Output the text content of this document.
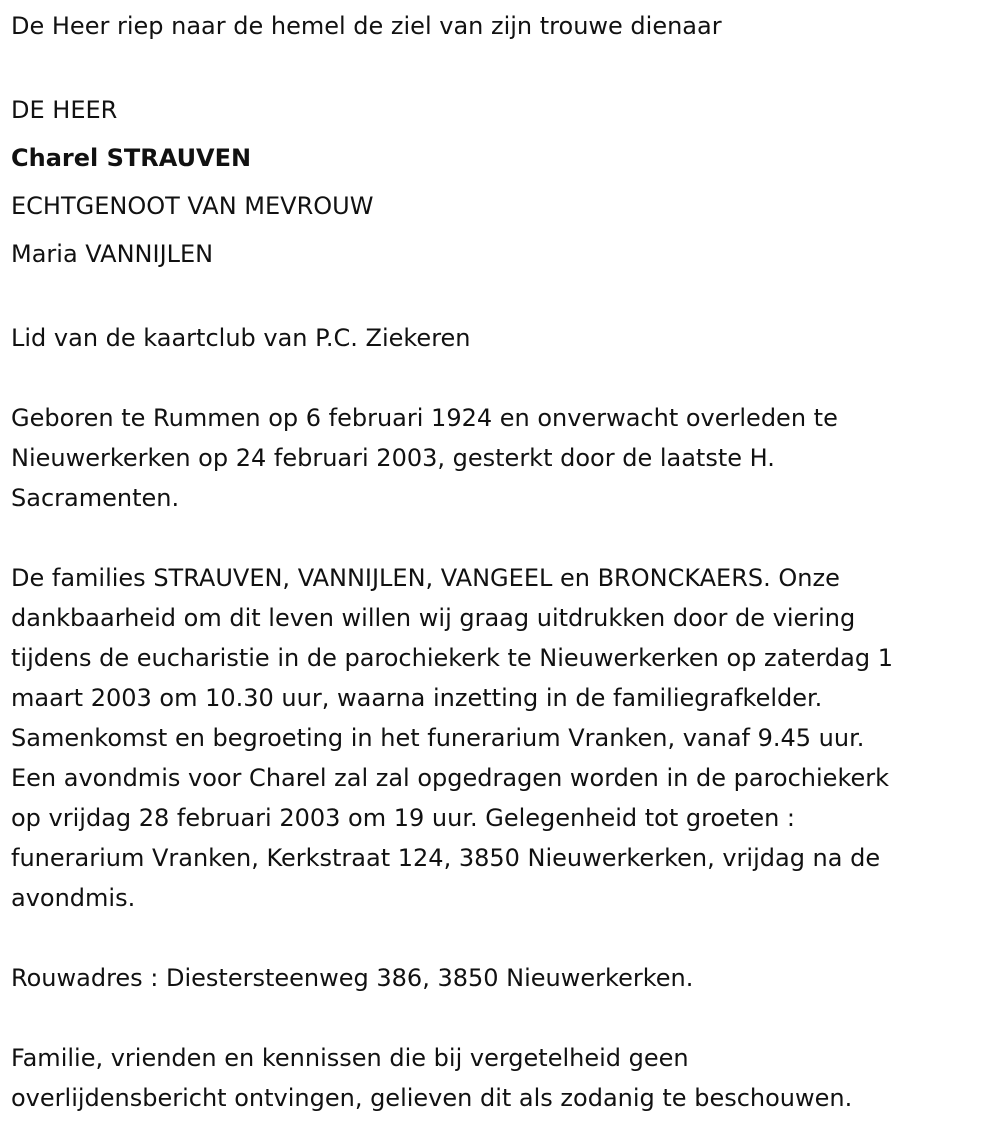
De Heer riep naar de hemel de ziel van zijn trouwe dienaar

DE HEER

Charel STRAUVEN

ECHTGENOOT VAN MEVROUW

Maria VANNIJLEN

Lid van de kaartclub van P.C. Ziekeren

Geboren te Rummen op 6 februari 1924 en onverwacht overleden te
Nieuwerkerken op 24 februari 2003, gesterkt door de laatste H.
Sacramenten.
De families STRAUVEN, VANNIJLEN, VANGEEL en BRONCKAERS. Onze
dankbaarheid om dit leven willen wij graag uitdrukken door de viering
tijdens de eucharistie in de parochiekerk te Nieuwerkerken op zaterdag 1
maart 2003 om 10.30 uur, waarna inzetting in de familiegrafkelder.
Samenkomst en begroeting in het funerarium Vranken, vanaf 9.45 uur.
Een avondmis voor Charel zal zal opgedragen worden in de parochiekerk
op vrijdag 28 februari 2003 om 19 uur. Gelegenheid tot groeten :
funerarium Vranken, Kerkstraat 124, 3850 Nieuwerkerken, vrijdag na de
avondmis.

Rouwadres : Diestersteenweg 386, 3850 Nieuwerkerken.

Familie, vrienden en kennissen die bij vergetelheid geen
overlijdensbericht ontvingen, gelieven dit als zodanig te beschouwen.
